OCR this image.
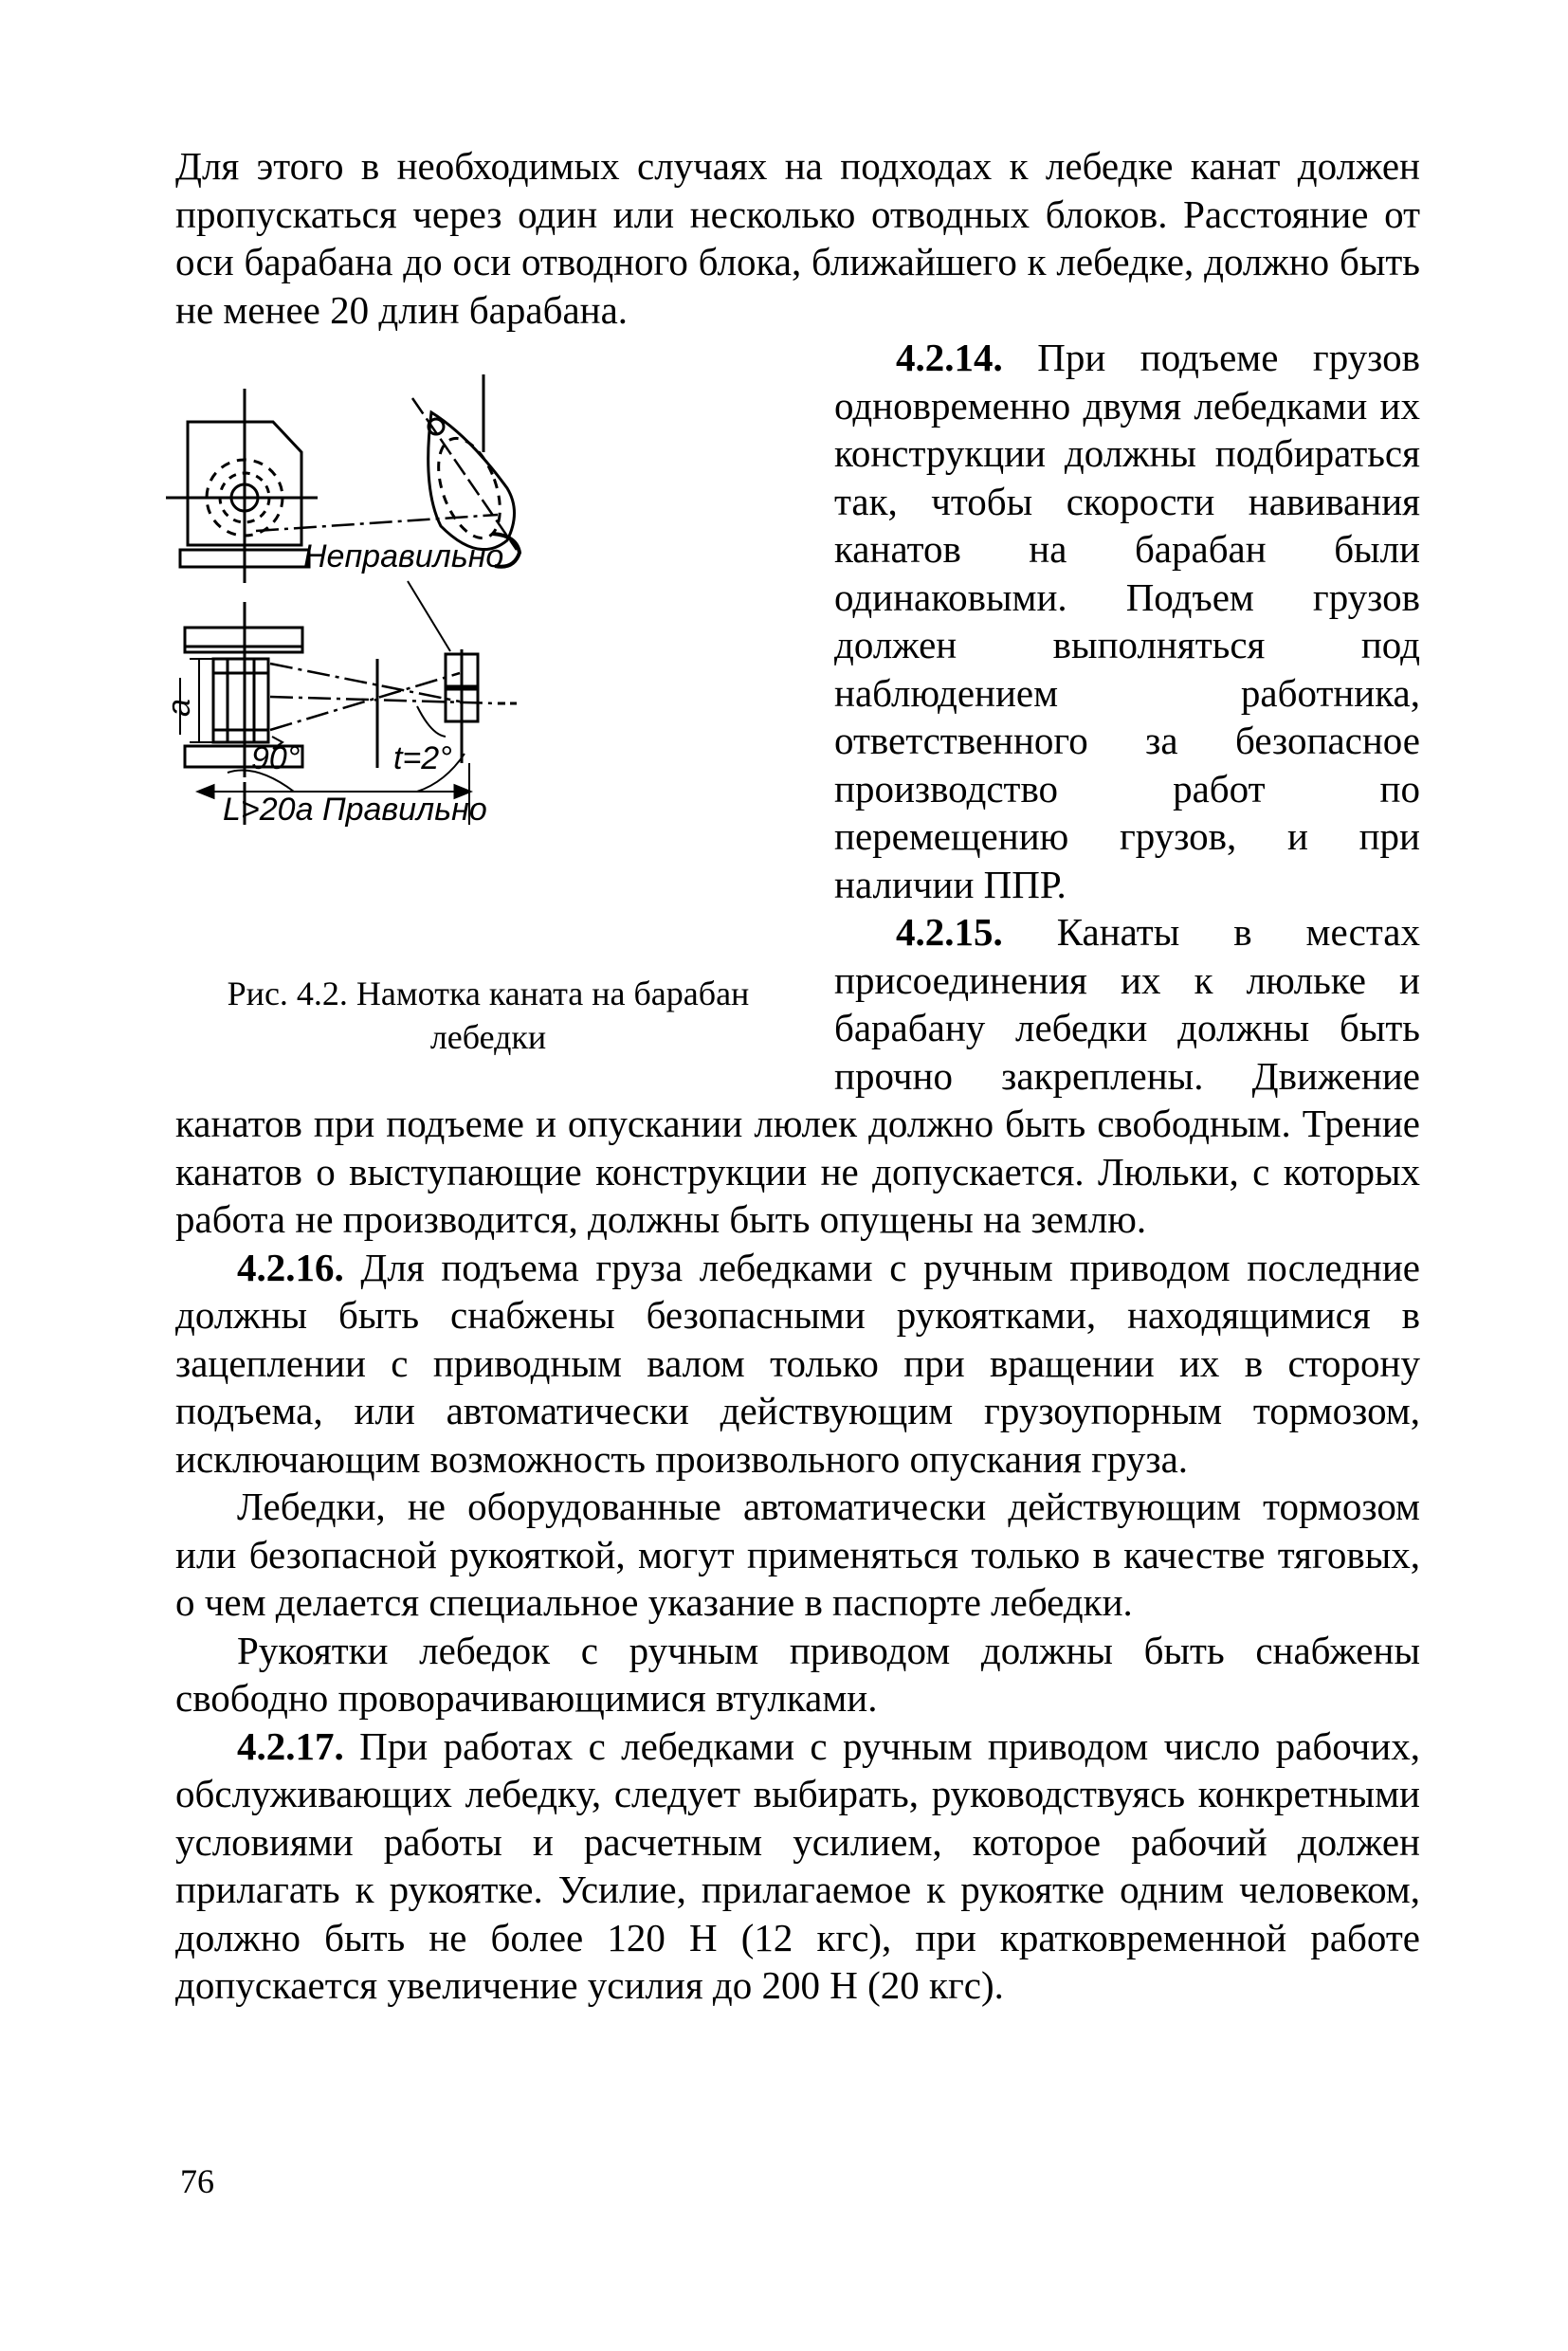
Для этого в необходимых случаях на подходах к лебедке канат должен пропускаться через один или несколько отводных блоков. Расстояние от оси барабана до оси отводного блока, ближайшего к лебедке, должно быть не менее 20 длин барабана.

4.2.14. При подъеме грузов одновременно двумя лебедками их конструкции должны подбираться так, чтобы скорости навивания канатов на барабан были одинаковыми. Подъем грузов должен выполняться под наблюдением работника, ответственного за безопасное производство работ по перемещению грузов, и при наличии ППР.

4.2.15. Канаты в местах присоединения их к люльке и барабану лебедки должны быть прочно закреплены. Движение канатов при подъеме и опускании люлек должно быть свободным. Трение канатов о выступающие конструкции не допускается. Люльки, с которых работа не производится, должны быть опущены на землю.

4.2.16. Для подъема груза лебедками с ручным приводом последние должны быть снабжены безопасными рукоятками, находящимися в зацеплении с приводным валом только при вращении их в сторону подъема, или автоматически действующим грузоупорным тормозом, исключающим возможность произвольного опускания груза.

Лебедки, не оборудованные автоматически действующим тормозом или безопасной рукояткой, могут применяться только в качестве тяговых, о чем делается специальное указание в паспорте лебедки.

Рукоятки лебедок с ручным приводом должны быть снабжены свободно проворачивающимися втулками.

4.2.17. При работах с лебедками с ручным приводом число рабочих, обслуживающих лебедку, следует выбирать, руководствуясь конкретными условиями работы и расчетным усилием, которое рабочий должен прилагать к рукоятке. Усилие, прилагаемое к рукоятке одним человеком, должно быть не более 120 Н (12 кгс), при кратковременной работе допускается увеличение усилия до 200 Н (20 кгс).

Неправильно
a
90°	t=2°
L>20a Правильно
Рис. 4.2. Намотка каната на барабан лебедки
76
